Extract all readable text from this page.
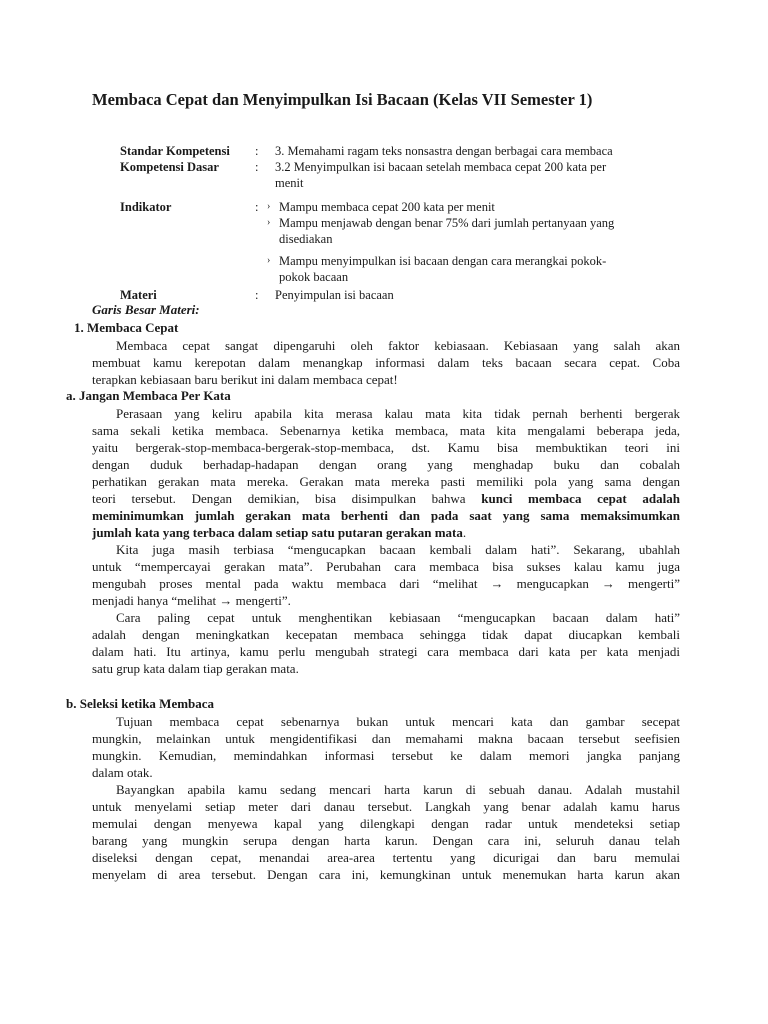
Membaca Cepat dan Menyimpulkan Isi Bacaan (Kelas VII Semester 1)
Standar Kompetensi	:	3. Memahami ragam teks nonsastra dengan berbagai cara membaca
Kompetensi Dasar	:	3.2 Menyimpulkan isi bacaan setelah membaca cepat 200 kata per
menit
Indikator	: › Mampu membaca cepat 200 kata per menit
› Mampu menjawab dengan benar 75% dari jumlah pertanyaan yang
disediakan
› Mampu menyimpulkan isi bacaan dengan cara merangkai pokok-
pokok bacaan
Materi	:	Penyimpulan isi bacaan
Garis Besar Materi:
1. Membaca Cepat
Membaca cepat sangat dipengaruhi oleh faktor kebiasaan. Kebiasaan yang salah akan
membuat kamu kerepotan dalam menangkap informasi dalam teks bacaan secara cepat. Coba
terapkan kebiasaan baru berikut ini dalam membaca cepat!
a. Jangan Membaca Per Kata
Perasaan yang keliru apabila kita merasa kalau mata kita tidak pernah berhenti bergerak
sama sekali ketika membaca. Sebenarnya ketika membaca, mata kita mengalami beberapa jeda,
yaitu bergerak-stop-membaca-bergerak-stop-membaca, dst. Kamu bisa membuktikan teori ini
dengan duduk berhadap-hadapan dengan orang yang menghadap buku dan cobalah
perhatikan gerakan mata mereka. Gerakan mata mereka pasti memiliki pola yang sama dengan
teori tersebut. Dengan demikian, bisa disimpulkan bahwa kunci membaca cepat adalah
meminimumkan jumlah gerakan mata berhenti dan pada saat yang sama memaksimumkan
jumlah kata yang terbaca dalam setiap satu putaran gerakan mata.
Kita juga masih terbiasa “mengucapkan bacaan kembali dalam hati”. Sekarang, ubahlah
untuk “mempercayai gerakan mata”. Perubahan cara membaca bisa sukses kalau kamu juga
mengubah proses mental pada waktu membaca dari “melihat → mengucapkan → mengerti”
menjadi hanya “melihat → mengerti”.
Cara paling cepat untuk menghentikan kebiasaan “mengucapkan bacaan dalam hati”
adalah dengan meningkatkan kecepatan membaca sehingga tidak dapat diucapkan kembali
dalam hati. Itu artinya, kamu perlu mengubah strategi cara membaca dari kata per kata menjadi
satu grup kata dalam tiap gerakan mata.
b. Seleksi ketika Membaca
Tujuan membaca cepat sebenarnya bukan untuk mencari kata dan gambar secepat
mungkin, melainkan untuk mengidentifikasi dan memahami makna bacaan tersebut seefisien
mungkin. Kemudian, memindahkan informasi tersebut ke dalam memori jangka panjang
dalam otak.
Bayangkan apabila kamu sedang mencari harta karun di sebuah danau. Adalah mustahil
untuk menyelami setiap meter dari danau tersebut. Langkah yang benar adalah kamu harus
memulai dengan menyewa kapal yang dilengkapi dengan radar untuk mendeteksi setiap
barang yang mungkin serupa dengan harta karun. Dengan cara ini, seluruh danau telah
diseleksi dengan cepat, menandai area-area tertentu yang dicurigai dan baru memulai
menyelam di area tersebut. Dengan cara ini, kemungkinan untuk menemukan harta karun akan
